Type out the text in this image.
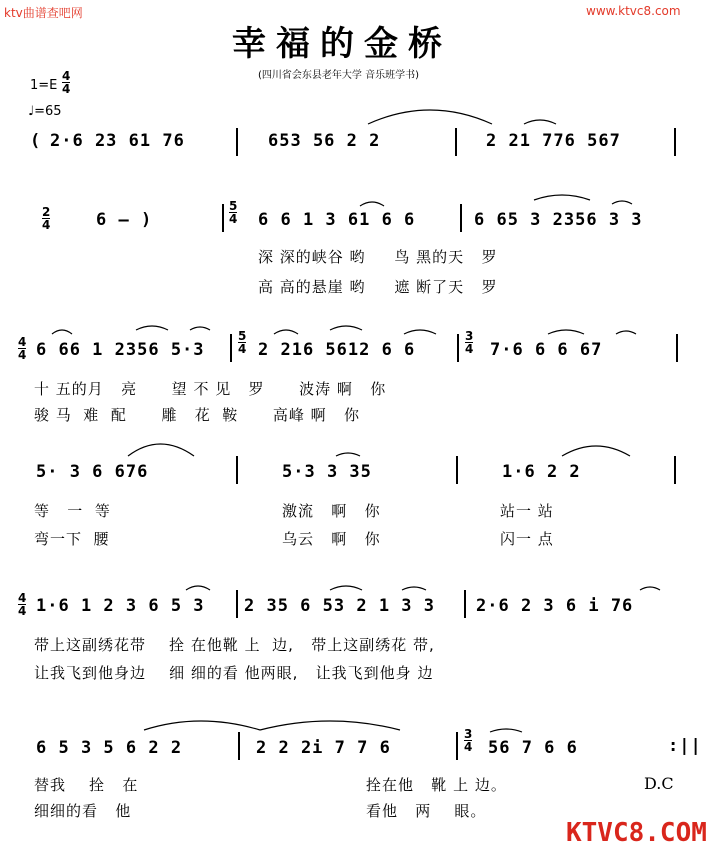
ktv曲谱查吧网	www.ktvc8.com
幸福的金桥
(四川省会东县老年大学 音乐班学书)
1=E
4
4
♩=65
( 2·6 23 61 76	653 56 2 2	2 21 776 567
2
4	6 – )
5
4 6 6 1 3 61 6 6	6 65 3 2356 3 3
深 深的峡谷 哟     鸟 黑的天   罗
高 高的悬崖 哟     遮 断了天   罗
4
4 6 66 1 2356 5·3
5
4 2 216 5612 6 6
3
4 7·6 6 6 67
十 五的月   亮      望 不 见   罗      波涛 啊   你
骏 马  难  配      雕   花  鞍      高峰 啊   你
5· 3 6 676	5·3 3 35	1·6 2 2
等   一  等	激流   啊   你	站一 站
弯一下  腰	乌云   啊   你	闪一 点
4
4 1·6 1 2 3 6 5 3 2 35 6 53 2 1 3 3 2·6 2 3 6 i 76
带上这副绣花带    拴 在他靴 上  边,   带上这副绣花 带,
让我飞到他身边    细 细的看 他两眼,   让我飞到他身 边
6 5 3 5 6 2 2	2 2 2i 7 7 6
3
4 56 7 6 6	:||
替我    拴   在	拴在他   靴 上 边。
细细的看   他	看他   两    眼。
D.C
KTVC8.COM
